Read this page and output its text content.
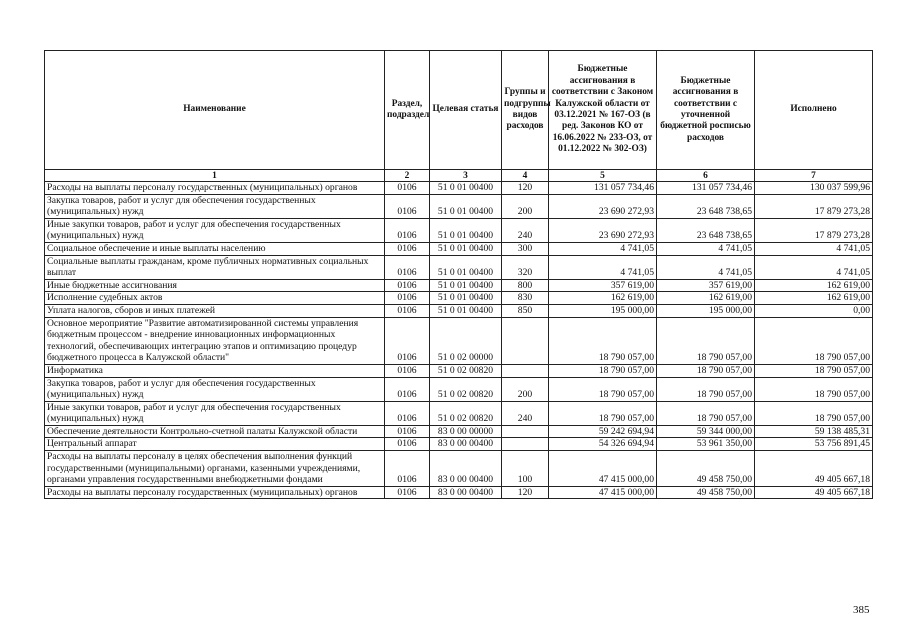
Наименование	Раздел, подраздел	Целевая статья	Группы и подгруппы видов расходов	Бюджетные ассигнования в соответствии с Законом Калужской области от 03.12.2021 № 167-ОЗ (в ред. Законов КО от 16.06.2022 № 233-ОЗ, от 01.12.2022 № 302-ОЗ)	Бюджетные ассигнования в соответствии с уточненной бюджетной росписью расходов	Исполнено
1	2	3	4	5	6	7
Расходы на выплаты персоналу государственных (муниципальных) органов	0106	51 0 01 00400	120	131 057 734,46	131 057 734,46	130 037 599,96
Закупка товаров, работ и услуг для обеспечения государственных (муниципальных) нужд	0106	51 0 01 00400	200	23 690 272,93	23 648 738,65	17 879 273,28
Иные закупки товаров, работ и услуг для обеспечения государственных (муниципальных) нужд	0106	51 0 01 00400	240	23 690 272,93	23 648 738,65	17 879 273,28
Социальное обеспечение и иные выплаты населению	0106	51 0 01 00400	300	4 741,05	4 741,05	4 741,05
Социальные выплаты гражданам, кроме публичных нормативных социальных выплат	0106	51 0 01 00400	320	4 741,05	4 741,05	4 741,05
Иные бюджетные ассигнования	0106	51 0 01 00400	800	357 619,00	357 619,00	162 619,00
Исполнение судебных актов	0106	51 0 01 00400	830	162 619,00	162 619,00	162 619,00
Уплата налогов, сборов и иных платежей	0106	51 0 01 00400	850	195 000,00	195 000,00	0,00
Основное мероприятие "Развитие автоматизированной системы управления бюджетным процессом - внедрение инновационных информационных технологий, обеспечивающих интеграцию этапов и оптимизацию процедур бюджетного процесса в Калужской области"	0106	51 0 02 00000		18 790 057,00	18 790 057,00	18 790 057,00
Информатика	0106	51 0 02 00820		18 790 057,00	18 790 057,00	18 790 057,00
Закупка товаров, работ и услуг для обеспечения государственных (муниципальных) нужд	0106	51 0 02 00820	200	18 790 057,00	18 790 057,00	18 790 057,00
Иные закупки товаров, работ и услуг для обеспечения государственных (муниципальных) нужд	0106	51 0 02 00820	240	18 790 057,00	18 790 057,00	18 790 057,00
Обеспечение деятельности Контрольно-счетной палаты Калужской области	0106	83 0 00 00000		59 242 694,94	59 344 000,00	59 138 485,31
Центральный аппарат	0106	83 0 00 00400		54 326 694,94	53 961 350,00	53 756 891,45
Расходы на выплаты персоналу в целях обеспечения выполнения функций государственными (муниципальными) органами, казенными учреждениями, органами управления государственными внебюджетными фондами	0106	83 0 00 00400	100	47 415 000,00	49 458 750,00	49 405 667,18
Расходы на выплаты персоналу государственных (муниципальных) органов	0106	83 0 00 00400	120	47 415 000,00	49 458 750,00	49 405 667,18
385
